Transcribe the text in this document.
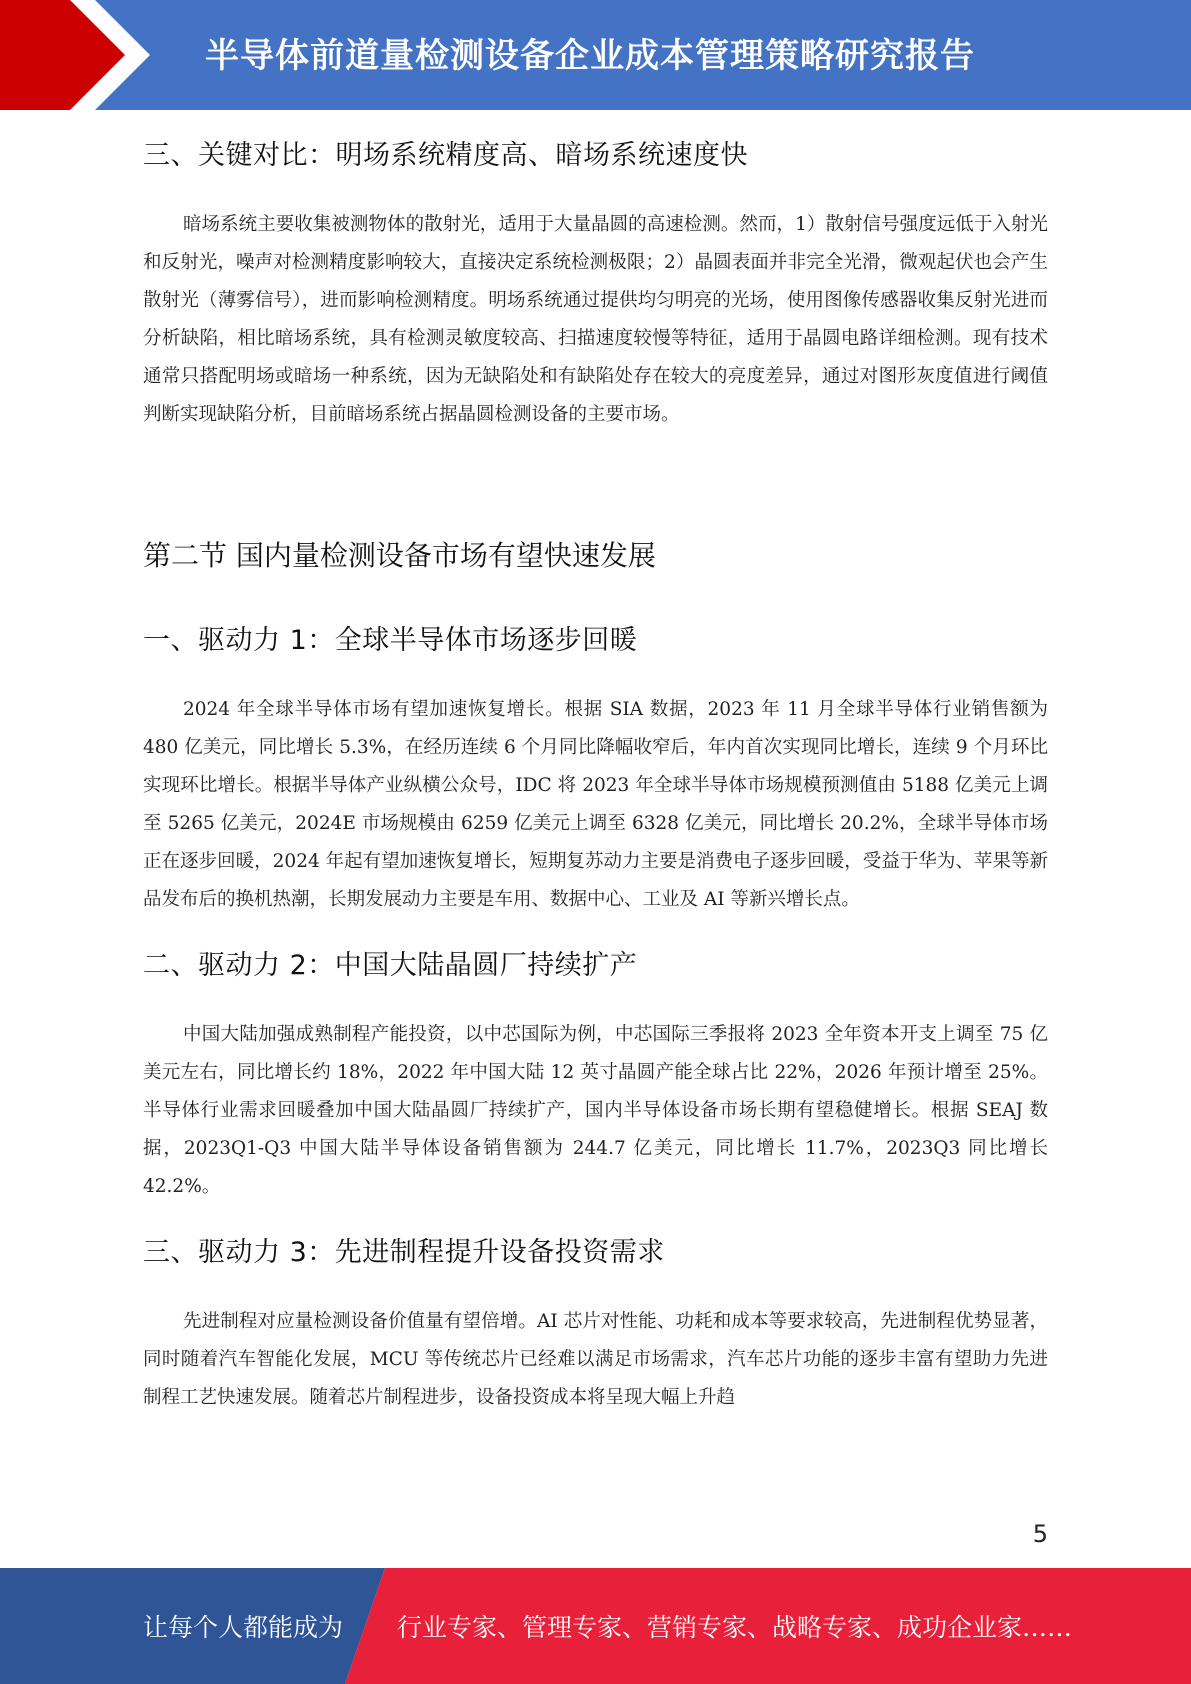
半导体前道量检测设备企业成本管理策略研究报告
三、关键对比：明场系统精度高、暗场系统速度快

暗场系统主要收集被测物体的散射光，适用于大量晶圆的高速检测。然而，1）散射信号强度远低于入射光和反射光，噪声对检测精度影响较大，直接决定系统检测极限；2）晶圆表面并非完全光滑，微观起伏也会产生散射光（薄雾信号），进而影响检测精度。明场系统通过提供均匀明亮的光场，使用图像传感器收集反射光进而分析缺陷，相比暗场系统，具有检测灵敏度较高、扫描速度较慢等特征，适用于晶圆电路详细检测。现有技术通常只搭配明场或暗场一种系统，因为无缺陷处和有缺陷处存在较大的亮度差异，通过对图形灰度值进行阈值判断实现缺陷分析，目前暗场系统占据晶圆检测设备的主要市场。

第二节 国内量检测设备市场有望快速发展
一、驱动力 1：全球半导体市场逐步回暖

2024 年全球半导体市场有望加速恢复增长。根据 SIA 数据，2023 年 11 月全球半导体行业销售额为 480 亿美元，同比增长 5.3%，在经历连续 6 个月同比降幅收窄后，年内首次实现同比增长，连续 9 个月环比实现环比增长。根据半导体产业纵横公众号，IDC 将 2023 年全球半导体市场规模预测值由 5188 亿美元上调至 5265 亿美元，2024E 市场规模由 6259 亿美元上调至 6328 亿美元，同比增长 20.2%，全球半导体市场正在逐步回暖，2024 年起有望加速恢复增长，短期复苏动力主要是消费电子逐步回暖，受益于华为、苹果等新品发布后的换机热潮，长期发展动力主要是车用、数据中心、工业及 AI 等新兴增长点。

二、驱动力 2：中国大陆晶圆厂持续扩产

中国大陆加强成熟制程产能投资，以中芯国际为例，中芯国际三季报将 2023 全年资本开支上调至 75 亿美元左右，同比增长约 18%，2022 年中国大陆 12 英寸晶圆产能全球占比 22%，2026 年预计增至 25%。半导体行业需求回暖叠加中国大陆晶圆厂持续扩产，国内半导体设备市场长期有望稳健增长。根据 SEAJ 数据，2023Q1-Q3 中国大陆半导体设备销售额为 244.7 亿美元，同比增长 11.7%，2023Q3 同比增长 42.2%。

三、驱动力 3：先进制程提升设备投资需求

先进制程对应量检测设备价值量有望倍增。AI 芯片对性能、功耗和成本等要求较高，先进制程优势显著，同时随着汽车智能化发展，MCU 等传统芯片已经难以满足市场需求，汽车芯片功能的逐步丰富有望助力先进制程工艺快速发展。随着芯片制程进步，设备投资成本将呈现大幅上升趋

5
让每个人都能成为 行业专家、管理专家、营销专家、战略专家、成功企业家……
